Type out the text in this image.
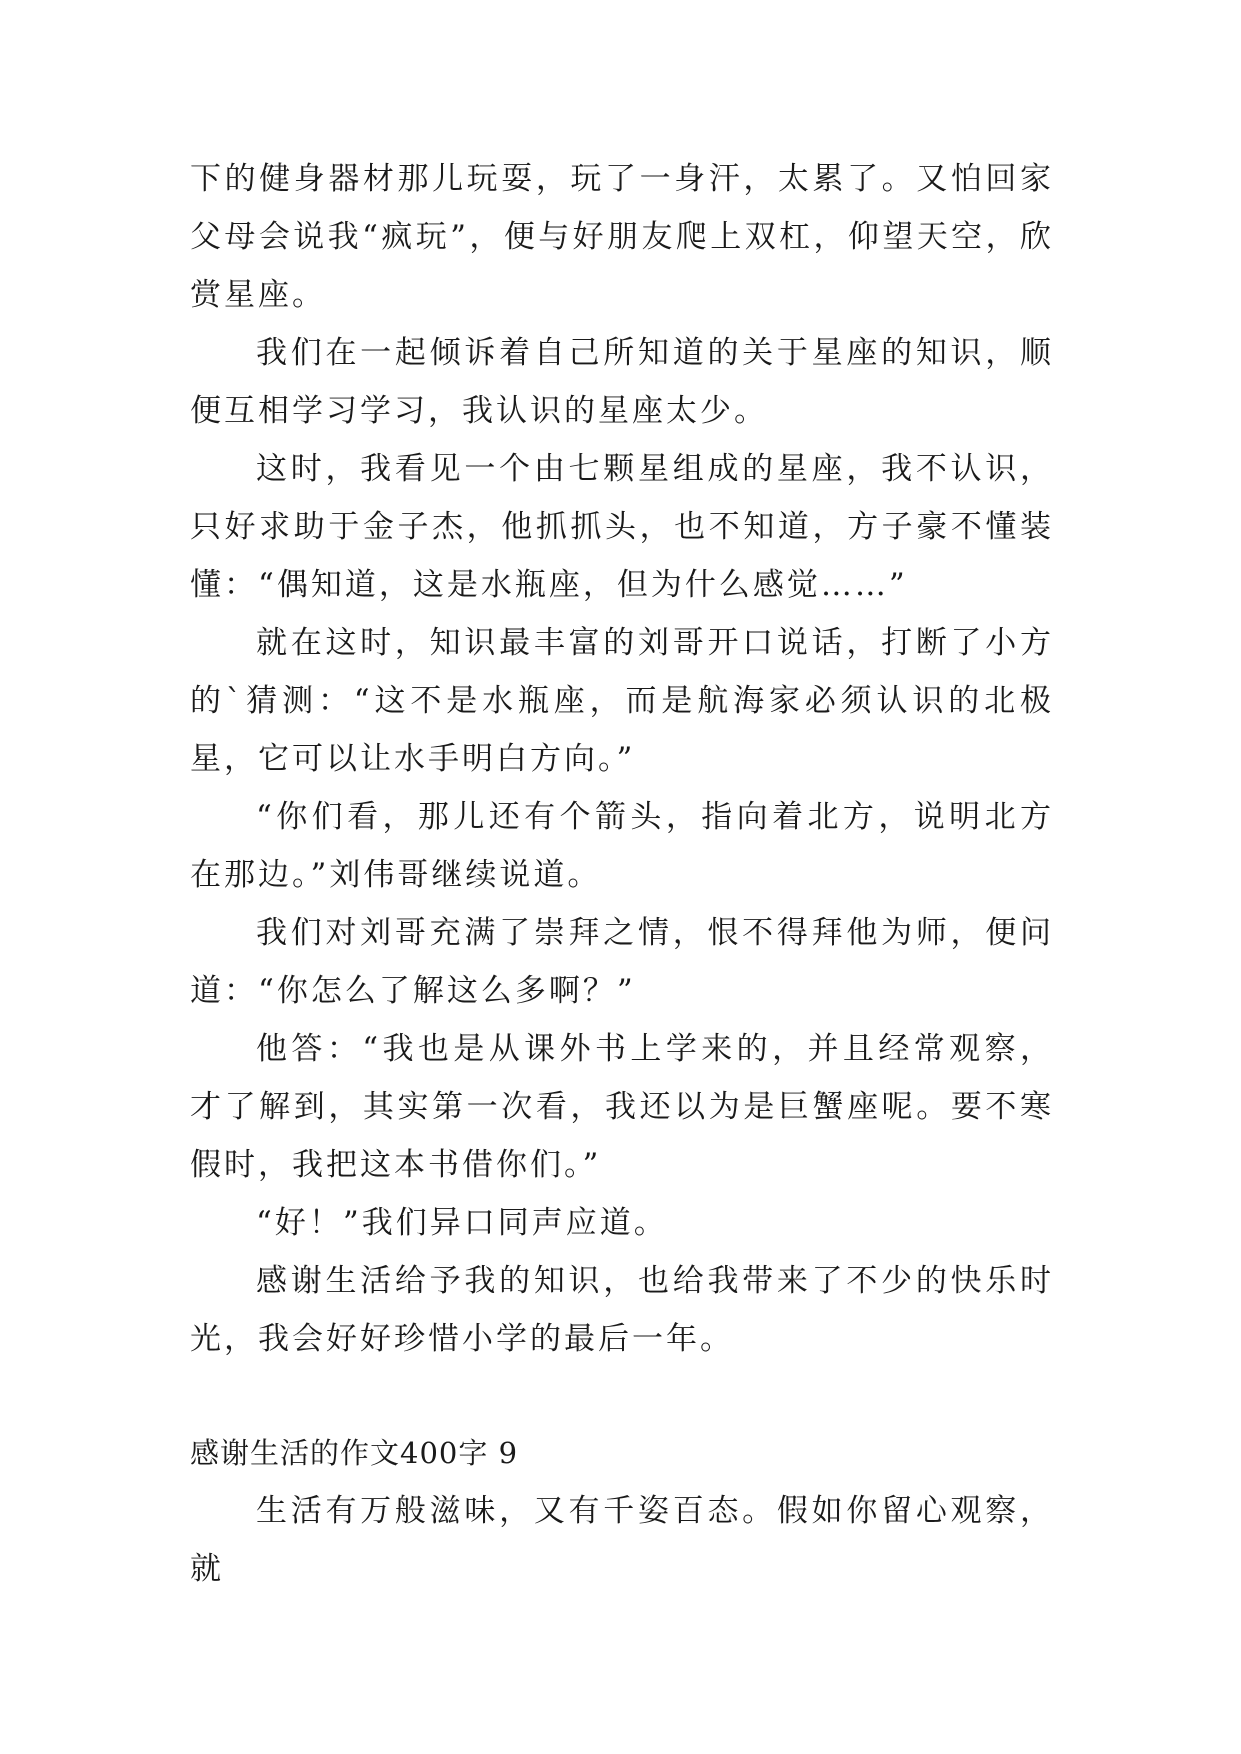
下的健身器材那儿玩耍，玩了一身汗，太累了。又怕回家父母会说我“疯玩”，便与好朋友爬上双杠，仰望天空，欣赏星座。

我们在一起倾诉着自己所知道的关于星座的知识，顺便互相学习学习，我认识的星座太少。

这时，我看见一个由七颗星组成的星座，我不认识，只好求助于金子杰，他抓抓头，也不知道，方子豪不懂装懂：“偶知道，这是水瓶座，但为什么感觉……”

就在这时，知识最丰富的刘哥开口说话，打断了小方的`猜测：“这不是水瓶座，而是航海家必须认识的北极星，它可以让水手明白方向。”

“你们看，那儿还有个箭头，指向着北方，说明北方在那边。”刘伟哥继续说道。

我们对刘哥充满了崇拜之情，恨不得拜他为师，便问道：“你怎么了解这么多啊？”

他答：“我也是从课外书上学来的，并且经常观察，才了解到，其实第一次看，我还以为是巨蟹座呢。要不寒假时，我把这本书借你们。”

“好！”我们异口同声应道。

感谢生活给予我的知识，也给我带来了不少的快乐时光，我会好好珍惜小学的最后一年。

感谢生活的作文400字 9

生活有万般滋味，又有千姿百态。假如你留心观察，就
